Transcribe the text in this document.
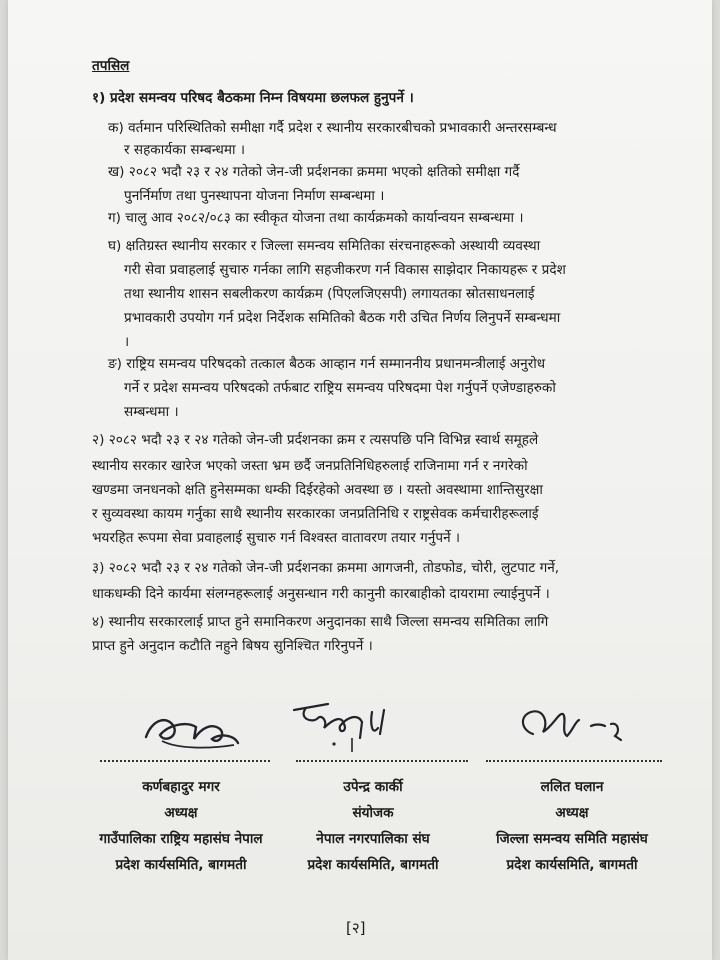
तपसिल
१) प्रदेश समन्वय परिषद बैठकमा निम्न विषयमा छलफल हुनुपर्ने ।
क) वर्तमान परिस्थितिको समीक्षा गर्दै प्रदेश र स्थानीय सरकारबीचको प्रभावकारी अन्तरसम्बन्ध
र सहकार्यका सम्बन्धमा ।
ख) २०८२ भदौ २३ र २४ गतेको जेन-जी प्रर्दशनका क्रममा भएको क्षतिको समीक्षा गर्दै
पुनर्निर्माण तथा पुनस्थापना योजना निर्माण सम्बन्धमा ।
ग) चालु आव २०८२/०८३ का स्वीकृत योजना तथा कार्यक्रमको कार्यान्वयन सम्बन्धमा ।
घ) क्षतिग्रस्त स्थानीय सरकार र जिल्ला समन्वय समितिका संरचनाहरूको अस्थायी व्यवस्था
गरी सेवा प्रवाहलाई सुचारु गर्नका लागि सहजीकरण गर्न विकास साझेदार निकायहरू र प्रदेश
तथा स्थानीय शासन सबलीकरण कार्यक्रम (पिएलजिएसपी) लगायतका स्रोतसाधनलाई
प्रभावकारी उपयोग गर्न प्रदेश निर्देशक समितिको बैठक गरी उचित निर्णय लिनुपर्ने सम्बन्धमा
।
ङ) राष्ट्रिय समन्वय परिषदको तत्काल बैठक आव्हान गर्न सम्माननीय प्रधानमन्त्रीलाई अनुरोध
गर्ने र प्रदेश समन्वय परिषदको तर्फबाट राष्ट्रिय समन्वय परिषदमा पेश गर्नुपर्ने एजेण्डाहरुको
सम्बन्धमा ।
२) २०८२ भदौ २३ र २४ गतेको जेन-जी प्रर्दशनका क्रम र त्यसपछि पनि विभिन्न स्वार्थ समूहले
स्थानीय सरकार खारेज भएको जस्ता भ्रम छर्दै जनप्रतिनिधिहरुलाई राजिनामा गर्न र नगरेको
खण्डमा जनधनको क्षति हुनेसम्मका धम्की दिईरहेको अवस्था छ । यस्तो अवस्थामा शान्तिसुरक्षा
र सुव्यवस्था कायम गर्नुका साथै स्थानीय सरकारका जनप्रतिनिधि र राष्ट्रसेवक कर्मचारीहरूलाई
भयरहित रूपमा सेवा प्रवाहलाई सुचारु गर्न विश्वस्त वातावरण तयार गर्नुपर्ने ।
३) २०८२ भदौ २३ र २४ गतेको जेन-जी प्रर्दशनका क्रममा आगजनी, तोडफोड, चोरी, लुटपाट गर्ने,
धाकधम्की दिने कार्यमा संलग्नहरूलाई अनुसन्धान गरी कानुनी कारबाहीको दायरामा ल्याईनुपर्ने ।
४) स्थानीय सरकारलाई प्राप्त हुने समानिकरण अनुदानका साथै जिल्ला समन्वय समितिका लागि
प्राप्त हुने अनुदान कटौति नहुने बिषय सुनिश्चित गरिनुपर्ने ।
कर्णबहादुर मगर
अध्यक्ष
गाउँपालिका राष्ट्रिय महासंघ नेपाल
प्रदेश कार्यसमिति, बागमती
उपेन्द्र कार्की
संयोजक
नेपाल नगरपालिका संघ
प्रदेश कार्यसमिति, बागमती
ललित घलान
अध्यक्ष
जिल्ला समन्वय समिति महासंघ
प्रदेश कार्यसमिति, बागमती
[२]
